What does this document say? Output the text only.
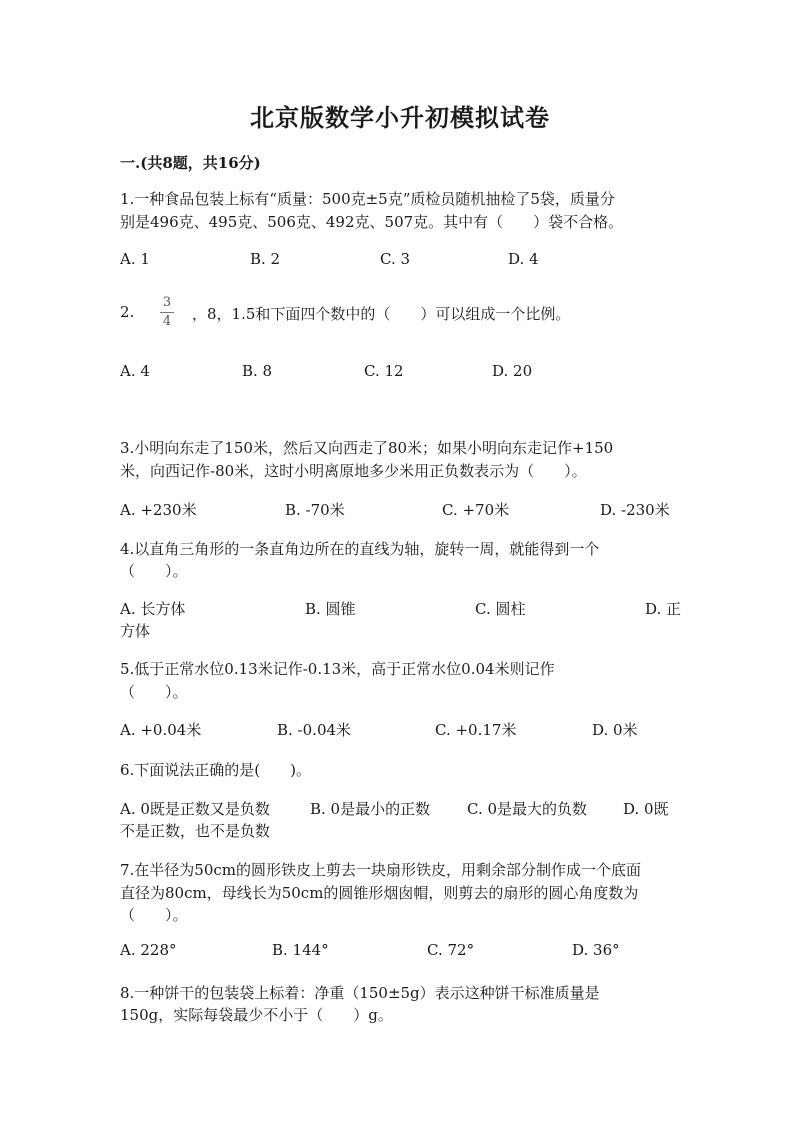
北京版数学小升初模拟试卷
一.(共8题，共16分)
1.一种食品包装上标有“质量：500克±5克”质检员随机抽检了5袋，质量分
别是496克、495克、506克、492克、507克。其中有（　　）袋不合格。
A. 1	B. 2	C. 3	D. 4
2.
3
4 ，8，1.5和下面四个数中的（　　）可以组成一个比例。
A. 4	B. 8	C. 12	D. 20
3.小明向东走了150米，然后又向西走了80米；如果小明向东走记作+150
米，向西记作-80米，这时小明离原地多少米用正负数表示为（　　）。
A. +230米	B. -70米	C. +70米	D. -230米
4.以直角三角形的一条直角边所在的直线为轴，旋转一周，就能得到一个
（　　）。
A. 长方体	B. 圆锥	C. 圆柱	D. 正
方体
5.低于正常水位0.13米记作-0.13米，高于正常水位0.04米则记作
（　　）。
A. +0.04米	B. -0.04米	C. +0.17米	D. 0米
6.下面说法正确的是(　　)。
A. 0既是正数又是负数	B. 0是最小的正数 C. 0是最大的负数 D. 0既
不是正数，也不是负数
7.在半径为50cm的圆形铁皮上剪去一块扇形铁皮，用剩余部分制作成一个底面
直径为80cm，母线长为50cm的圆锥形烟囱帽，则剪去的扇形的圆心角度数为
（　　）。
A. 228°	B. 144°	C. 72°	D. 36°
8.一种饼干的包装袋上标着：净重（150±5g）表示这种饼干标准质量是
150g，实际每袋最少不小于（　　）g。
